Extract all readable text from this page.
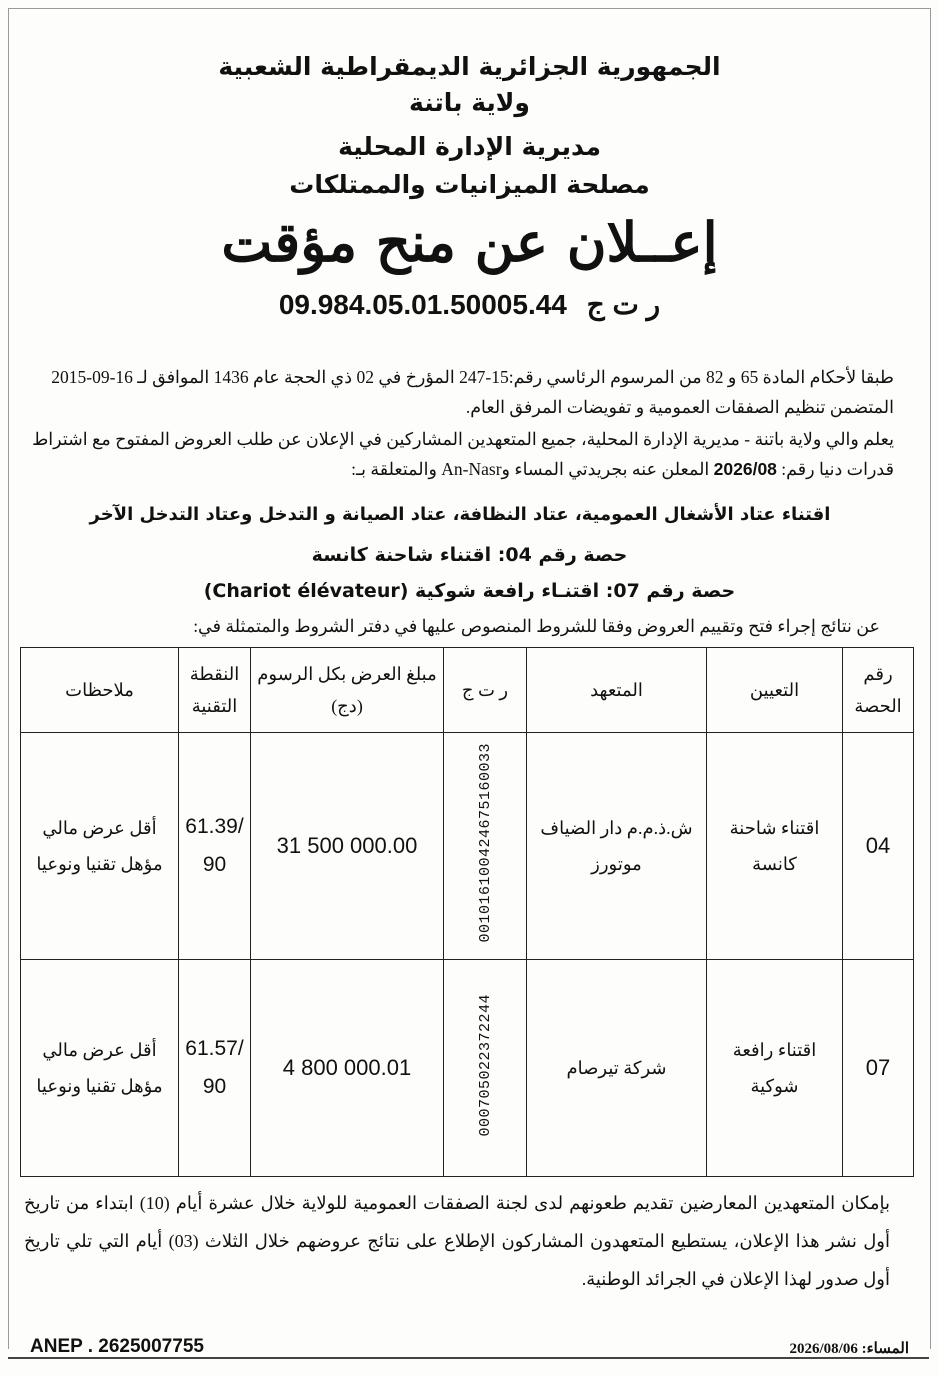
الجمهورية الجزائرية الديمقراطية الشعبية
ولاية باتنة
مديرية الإدارة المحلية
مصلحة الميزانيات والممتلكات
إعــلان عن منح مؤقت
ر ت ج 09.984.05.01.50005.44
طبقا لأحكام المادة 65 و 82 من المرسوم الرئاسي رقم:15-247 المؤرخ في 02 ذي الحجة عام 1436 الموافق لـ 16-09-2015 المتضمن تنظيم الصفقات العمومية و تفويضات المرفق العام.
يعلم والي ولاية باتنة - مديرية الإدارة المحلية، جميع المتعهدين المشاركين في الإعلان عن طلب العروض المفتوح مع اشتراط قدرات دنيا رقم: 2026/08 المعلن عنه بجريدتي المساء وAn-Nasr والمتعلقة بـ:
اقتناء عتاد الأشغال العمومية، عتاد النظافة، عتاد الصيانة و التدخل وعتاد التدخل الآخر
حصة رقم 04: اقتناء شاحنة كانسة
حصة رقم 07: اقتنـاء رافعة شوكية (Chariot élévateur)
عن نتائج إجراء فتح وتقييم العروض وفقا للشروط المنصوص عليها في دفتر الشروط والمتمثلة في:
رقم الحصة	التعيين	المتعهد	ر ت ج	مبلغ العرض بكل الرسوم (دج)	النقطة التقنية	ملاحظات
04	اقتناء شاحنة كانسة	ش.ذ.م.م دار الضياف موتورز	001016100424675160033	31 500 000.00	61.39/ 90	أقل عرض مالي مؤهل تقنيا ونوعيا
07	اقتناء رافعة شوكية	شركة تيرصام	000705022372244	4 800 000.01	61.57/ 90	أقل عرض مالي مؤهل تقنيا ونوعيا
بإمكان المتعهدين المعارضين تقديم طعونهم لدى لجنة الصفقات العمومية للولاية خلال عشرة أيام (10) ابتداء من تاريخ أول نشر هذا الإعلان، يستطيع المتعهدون المشاركون الإطلاع على نتائج عروضهم خلال الثلاث (03) أيام التي تلي تاريخ أول صدور لهذا الإعلان في الجرائد الوطنية.
ANEP . 2625007755	المساء: 2026/08/06
